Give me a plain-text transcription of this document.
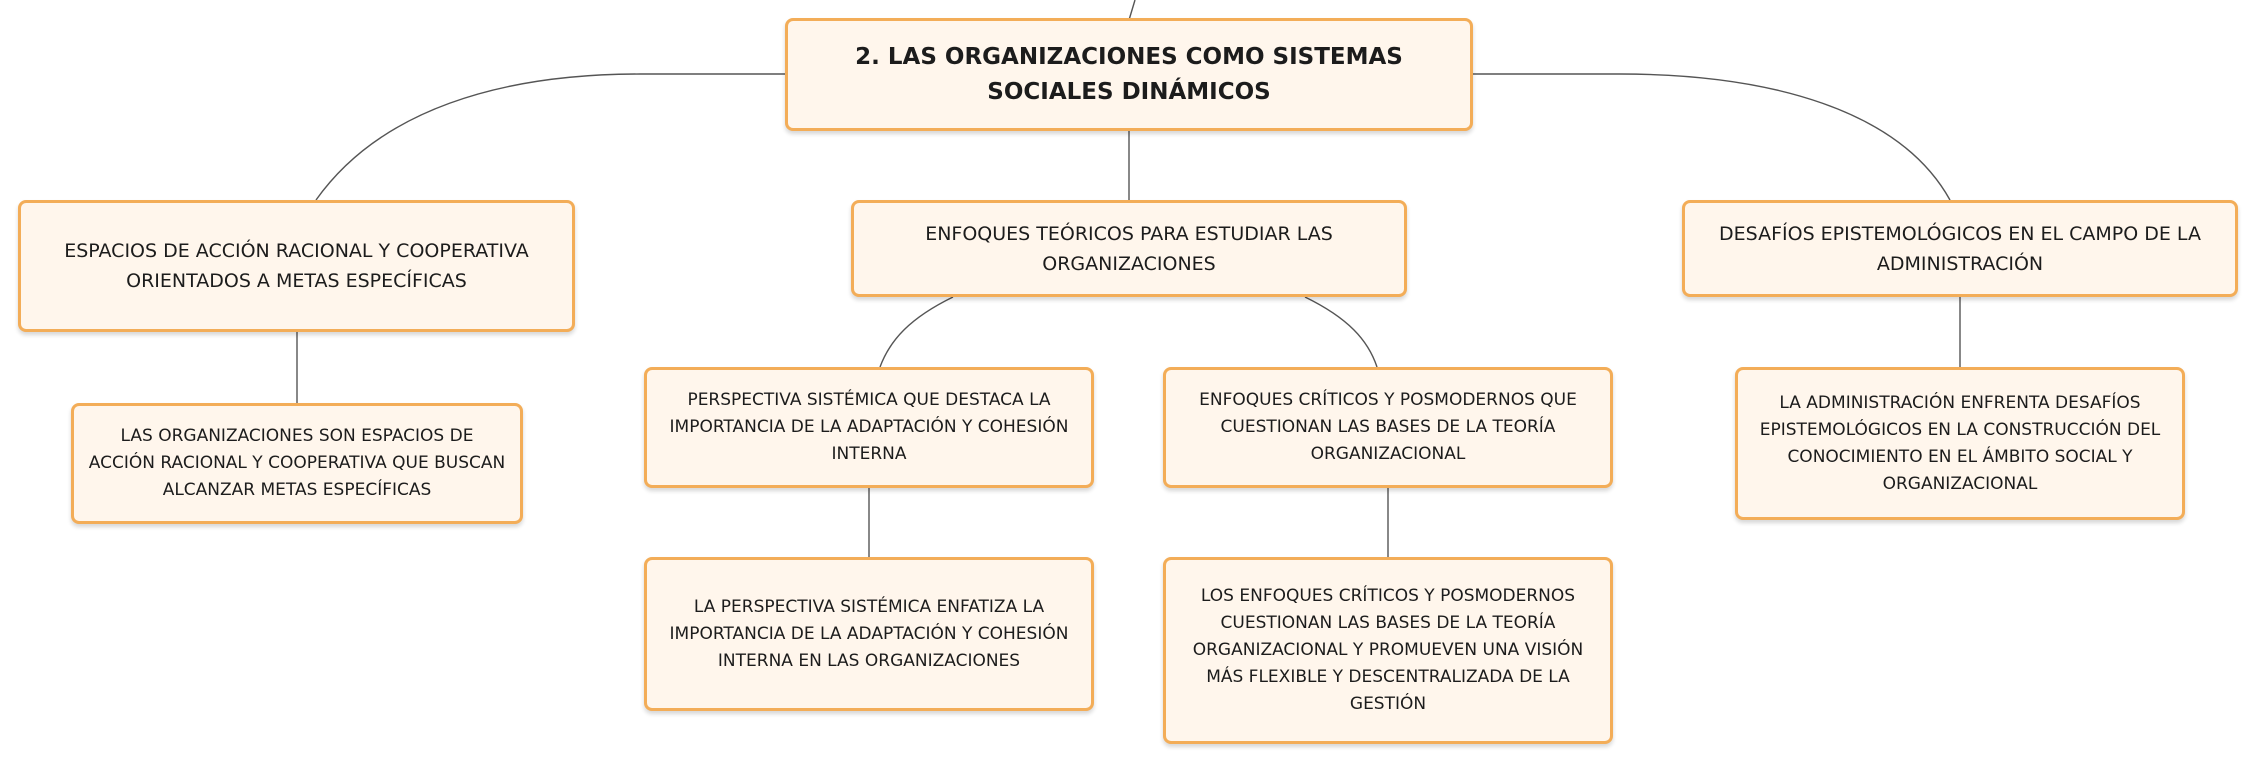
2. LAS ORGANIZACIONES COMO SISTEMAS SOCIALES DINÁMICOS
ESPACIOS DE ACCIÓN RACIONAL Y COOPERATIVA ORIENTADOS A METAS ESPECÍFICAS
ENFOQUES TEÓRICOS PARA ESTUDIAR LAS ORGANIZACIONES
DESAFÍOS EPISTEMOLÓGICOS EN EL CAMPO DE LA ADMINISTRACIÓN
LAS ORGANIZACIONES SON ESPACIOS DE ACCIÓN RACIONAL Y COOPERATIVA QUE BUSCAN ALCANZAR METAS ESPECÍFICAS
PERSPECTIVA SISTÉMICA QUE DESTACA LA IMPORTANCIA DE LA ADAPTACIÓN Y COHESIÓN INTERNA
ENFOQUES CRÍTICOS Y POSMODERNOS QUE CUESTIONAN LAS BASES DE LA TEORÍA ORGANIZACIONAL
LA ADMINISTRACIÓN ENFRENTA DESAFÍOS EPISTEMOLÓGICOS EN LA CONSTRUCCIÓN DEL CONOCIMIENTO EN EL ÁMBITO SOCIAL Y ORGANIZACIONAL
LA PERSPECTIVA SISTÉMICA ENFATIZA LA IMPORTANCIA DE LA ADAPTACIÓN Y COHESIÓN INTERNA EN LAS ORGANIZACIONES
LOS ENFOQUES CRÍTICOS Y POSMODERNOS CUESTIONAN LAS BASES DE LA TEORÍA ORGANIZACIONAL Y PROMUEVEN UNA VISIÓN MÁS FLEXIBLE Y DESCENTRALIZADA DE LA GESTIÓN
